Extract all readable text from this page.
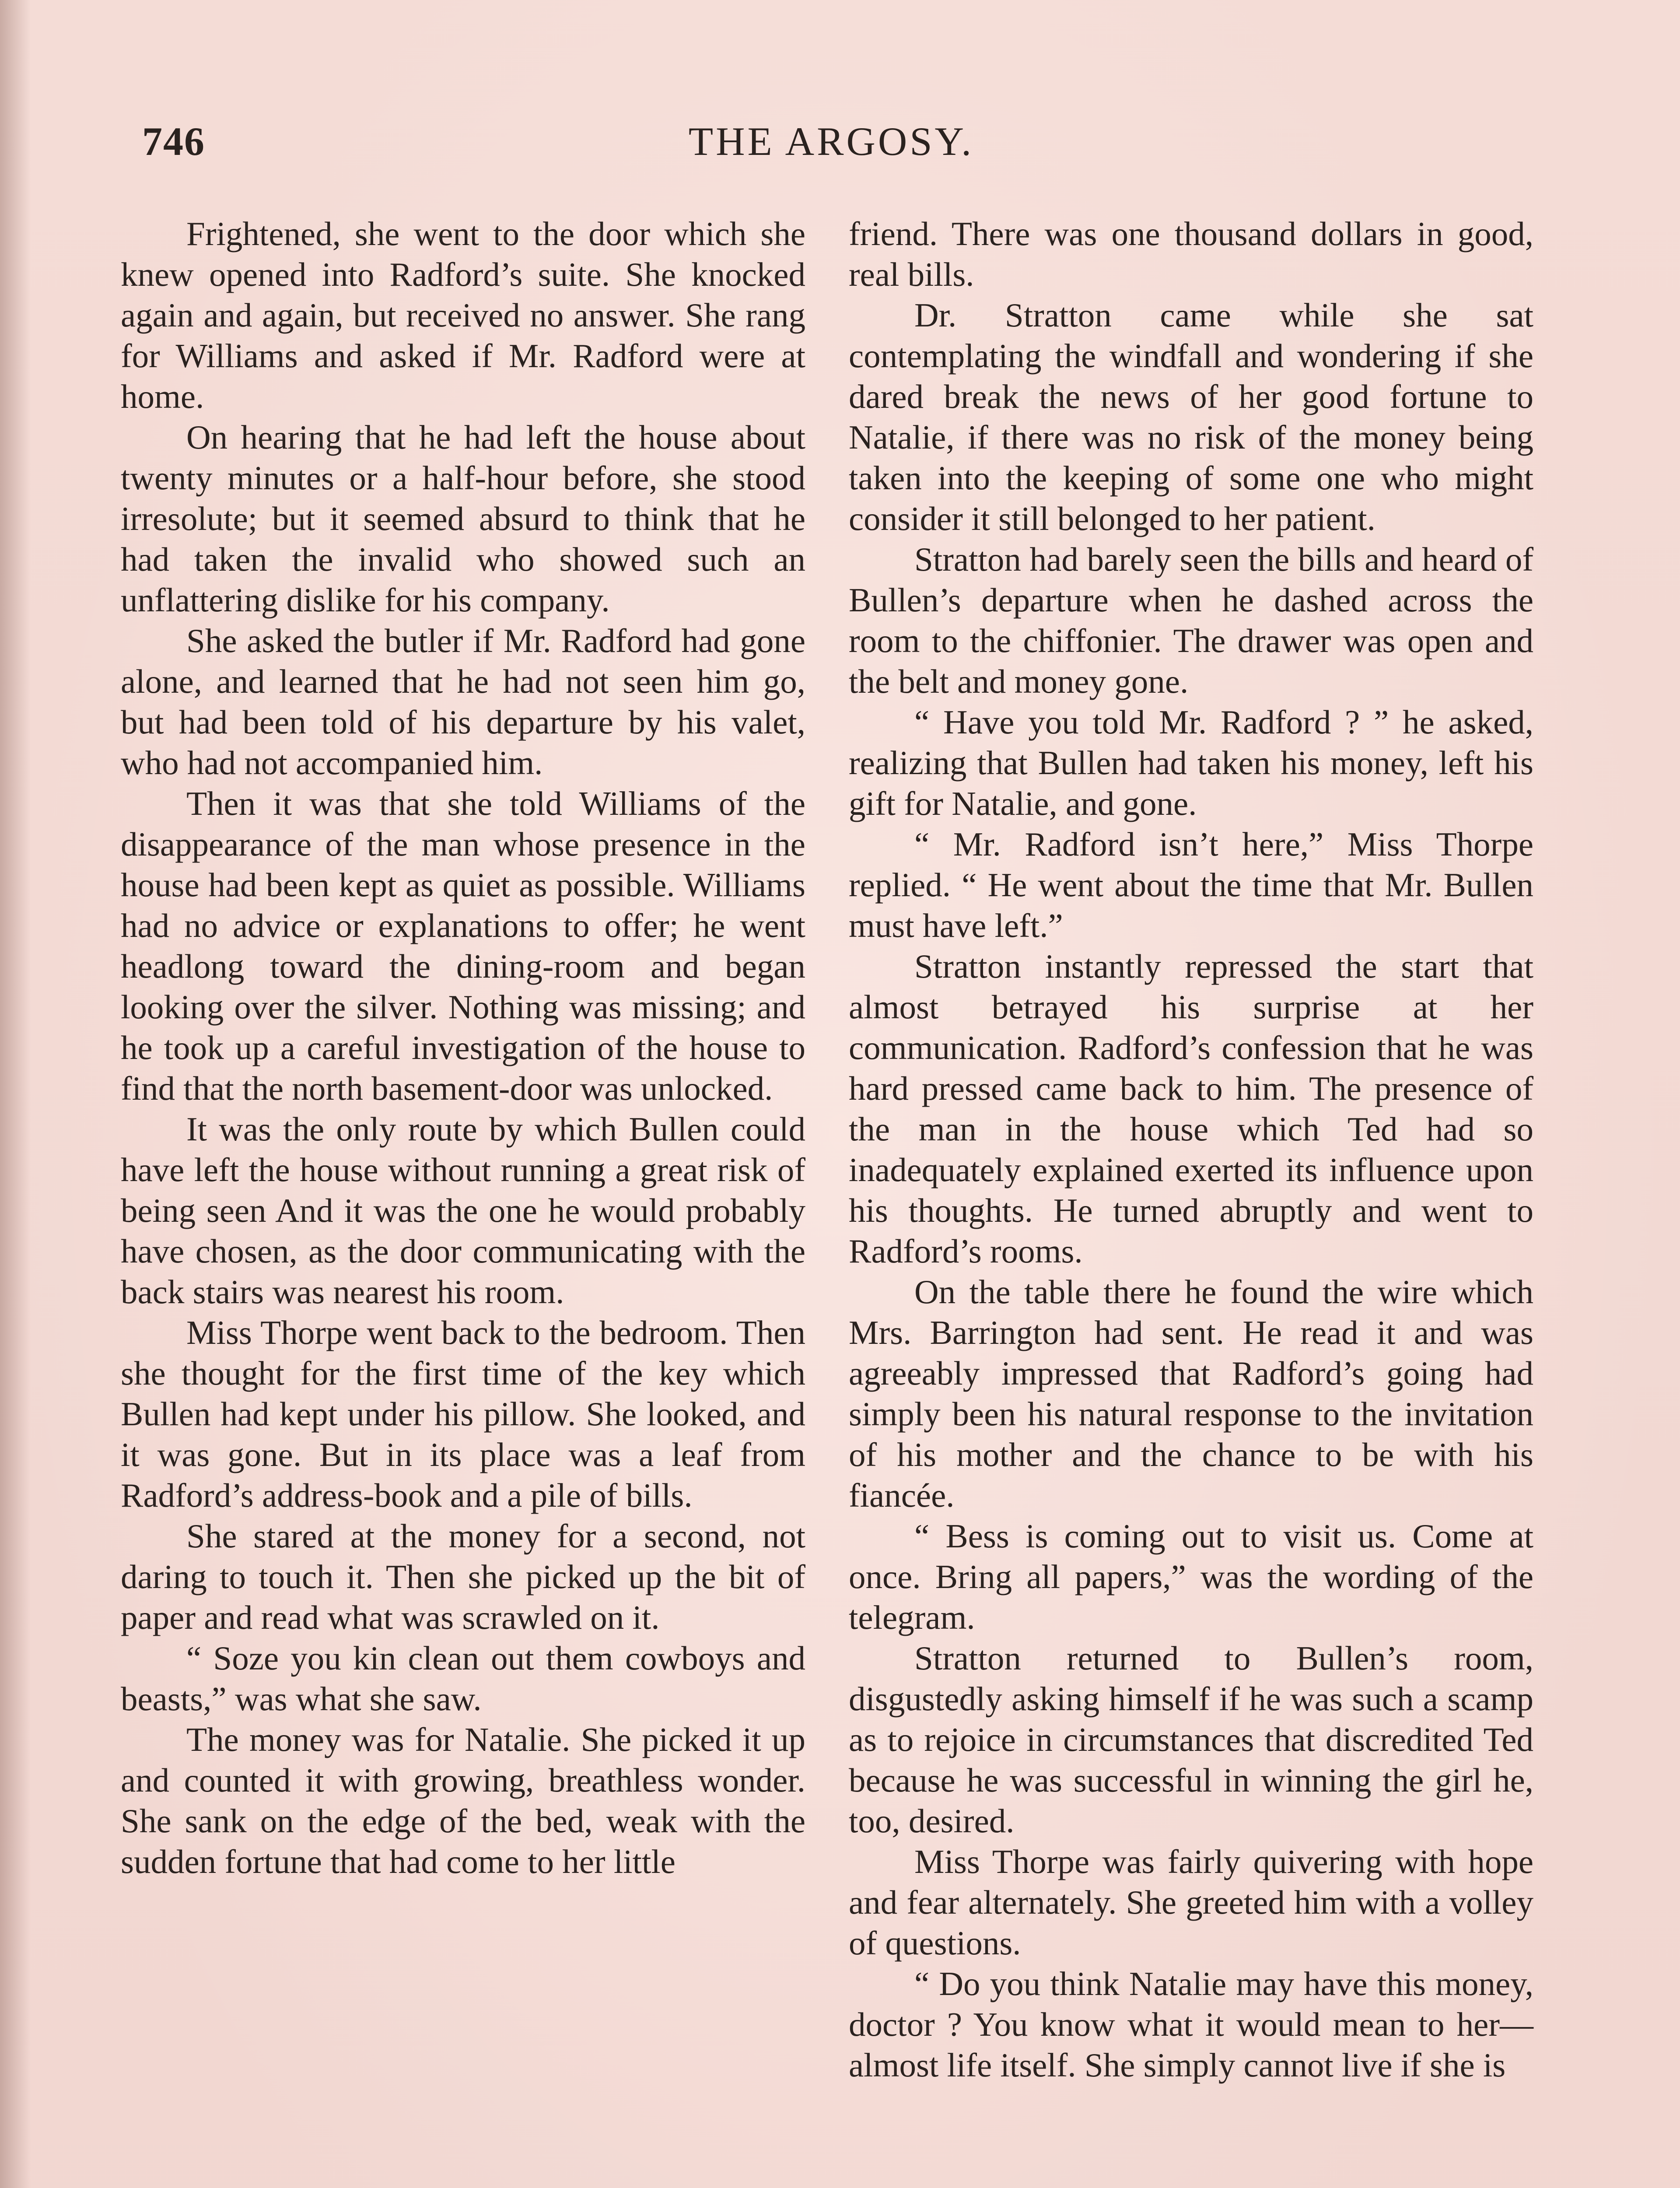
746	THE ARGOSY.

Frightened, she went to the door which she knew opened into Radford’s suite. She knocked again and again, but received no answer. She rang for Williams and asked if Mr. Radford were at home.

On hearing that he had left the house about twenty minutes or a half-hour before, she stood irresolute; but it seemed absurd to think that he had taken the invalid who showed such an unflattering dislike for his company.

She asked the butler if Mr. Radford had gone alone, and learned that he had not seen him go, but had been told of his departure by his valet, who had not accompanied him.

Then it was that she told Williams of the disappearance of the man whose presence in the house had been kept as quiet as possible. Williams had no advice or explanations to offer; he went headlong toward the dining-room and began looking over the silver. Nothing was missing; and he took up a careful investigation of the house to find that the north basement-door was unlocked.

It was the only route by which Bullen could have left the house without running a great risk of being seen And it was the one he would probably have chosen, as the door communicating with the back stairs was nearest his room.

Miss Thorpe went back to the bedroom. Then she thought for the first time of the key which Bullen had kept under his pillow. She looked, and it was gone. But in its place was a leaf from Radford’s address-book and a pile of bills.

She stared at the money for a second, not daring to touch it. Then she picked up the bit of paper and read what was scrawled on it.

“ Soze you kin clean out them cowboys and beasts,” was what she saw.

The money was for Natalie. She picked it up and counted it with growing, breathless wonder. She sank on the edge of the bed, weak with the sudden fortune that had come to her little

friend. There was one thousand dollars in good, real bills.

Dr. Stratton came while she sat contemplating the windfall and wondering if she dared break the news of her good fortune to Natalie, if there was no risk of the money being taken into the keeping of some one who might consider it still belonged to her patient.

Stratton had barely seen the bills and heard of Bullen’s departure when he dashed across the room to the chiffonier. The drawer was open and the belt and money gone.

“ Have you told Mr. Radford ? ” he asked, realizing that Bullen had taken his money, left his gift for Natalie, and gone.

“ Mr. Radford isn’t here,” Miss Thorpe replied. “ He went about the time that Mr. Bullen must have left.”

Stratton instantly repressed the start that almost betrayed his surprise at her communication. Radford’s confession that he was hard pressed came back to him. The presence of the man in the house which Ted had so inadequately explained exerted its influence upon his thoughts. He turned abruptly and went to Radford’s rooms.

On the table there he found the wire which Mrs. Barrington had sent. He read it and was agreeably impressed that Radford’s going had simply been his natural response to the invitation of his mother and the chance to be with his fiancée.

“ Bess is coming out to visit us. Come at once. Bring all papers,” was the wording of the telegram.

Stratton returned to Bullen’s room, disgustedly asking himself if he was such a scamp as to rejoice in circumstances that discredited Ted because he was successful in winning the girl he, too, desired.

Miss Thorpe was fairly quivering with hope and fear alternately. She greeted him with a volley of questions.

“ Do you think Natalie may have this money, doctor ? You know what it would mean to her—almost life itself. She simply cannot live if she is
